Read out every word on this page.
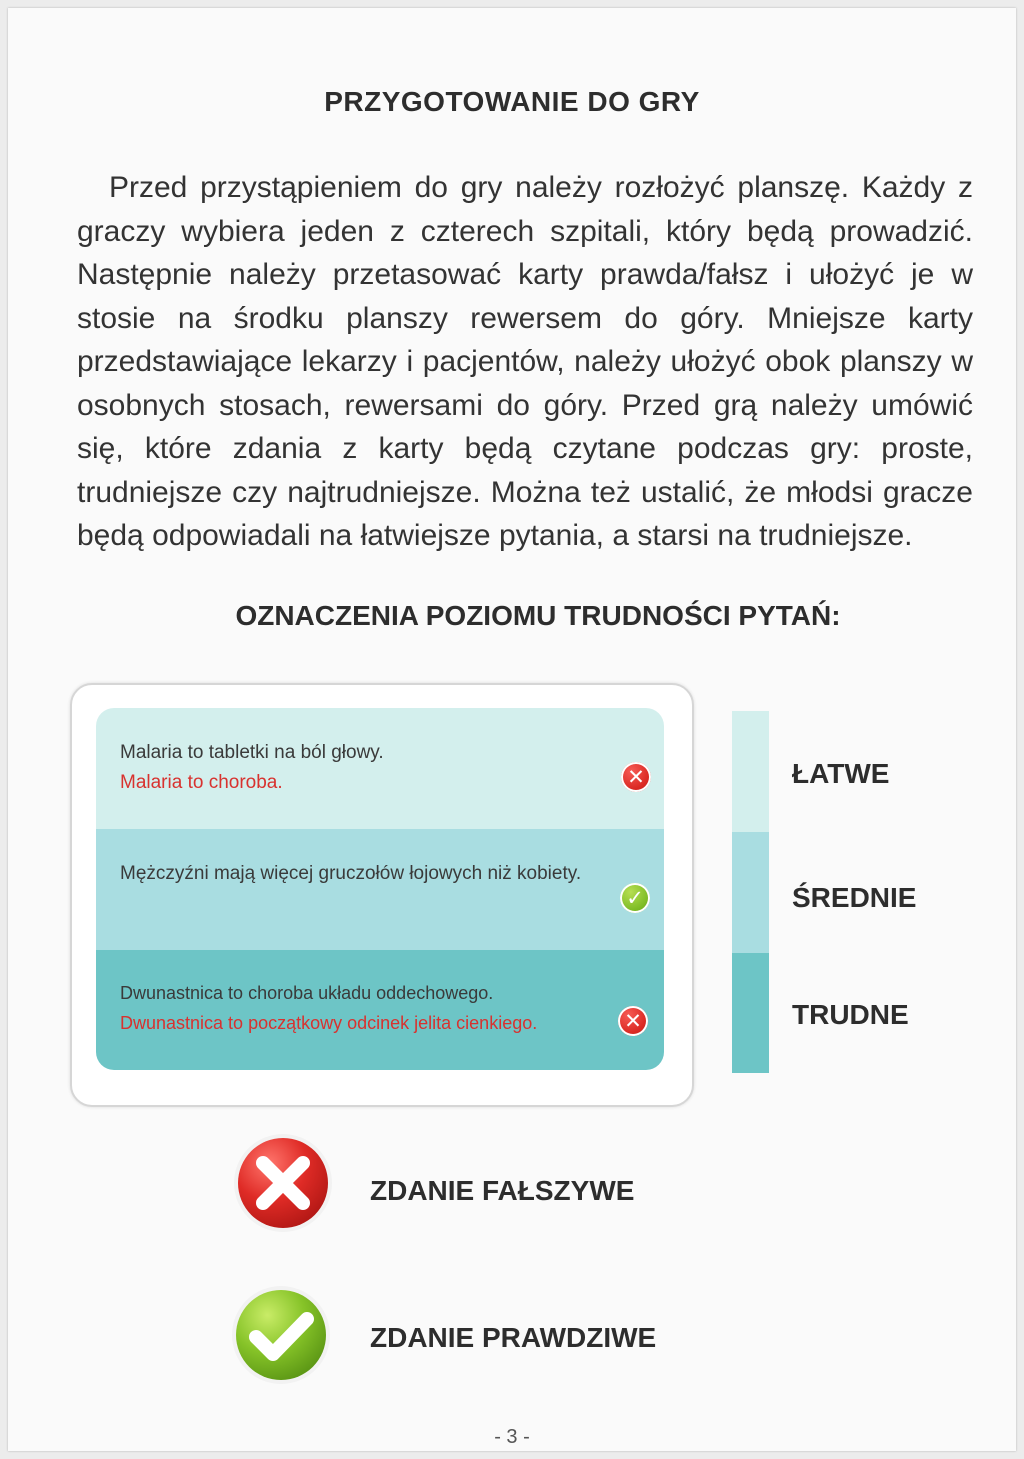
PRZYGOTOWANIE DO GRY

Przed przystąpieniem do gry należy rozłożyć planszę. Każdy z graczy wybiera jeden z czterech szpitali, który będą prowadzić. Następnie należy przetasować karty prawda/fałsz i ułożyć je w stosie na środku planszy rewersem do góry. Mniejsze karty przedstawiające lekarzy i pacjentów, należy ułożyć obok planszy w osobnych stosach, rewersami do góry. Przed grą należy umówić się, które zdania z karty będą czytane podczas gry: proste, trudniejsze czy najtrudniejsze. Można też ustalić, że młodsi gracze będą odpowiadali na łatwiejsze pytania, a starsi na trudniejsze.

OZNACZENIA POZIOMU TRUDNOŚCI PYTAŃ:

Malaria to tabletki na ból głowy.
Malaria to choroba.	✕

Mężczyźni mają więcej gruczołów łojowych niż kobiety.

✓

Dwunastnica to choroba układu oddechowego.
Dwunastnica to początkowy odcinek jelita cienkiego.	✕

ŁATWE

ŚREDNIE

TRUDNE

ZDANIE FAŁSZYWE

ZDANIE PRAWDZIWE

- 3 -
